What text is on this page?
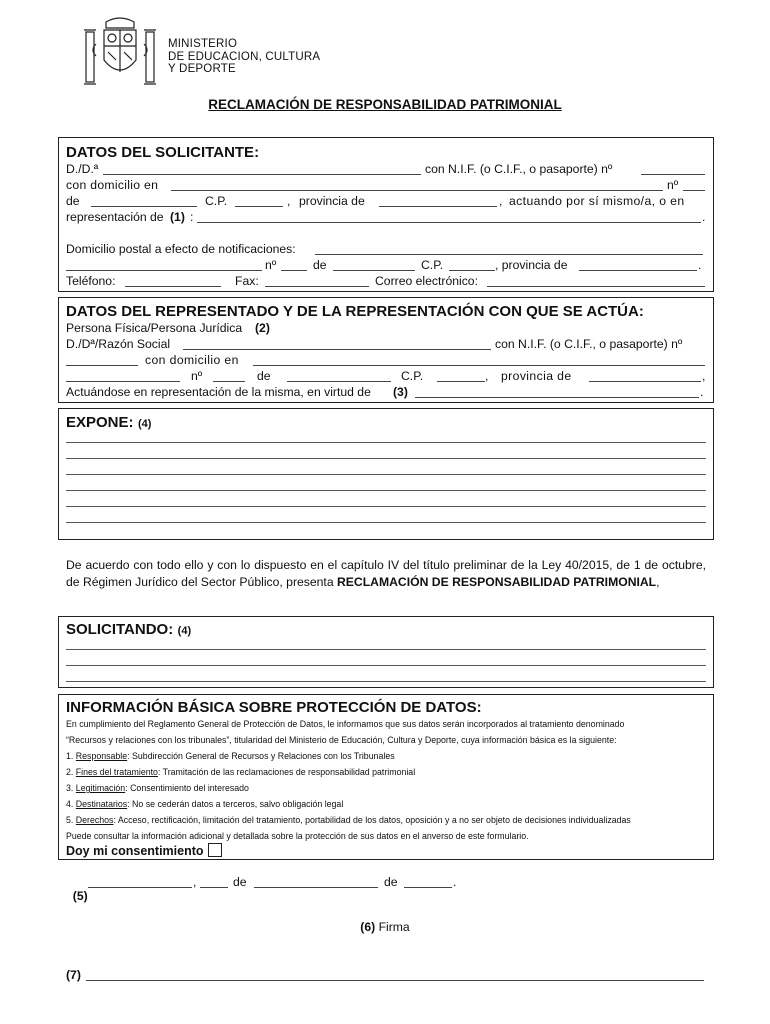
MINISTERIO
DE EDUCACION, CULTURA
Y DEPORTE
RECLAMACIÓN DE RESPONSABILIDAD PATRIMONIAL
DATOS DEL SOLICITANTE:
D./D.ª	con N.I.F. (o C.I.F., o pasaporte) nº
con domicilio en	nº
de	C.P.	, provincia de	, actuando por sí mismo/a, o en
representación de (1) :	.
Domicilio postal a efecto de notificaciones:
nº	de	C.P.	, provincia de	.
Teléfono:	Fax:	Correo electrónico:
DATOS DEL REPRESENTADO Y DE LA REPRESENTACIÓN CON QUE SE ACTÚA:
Persona Física/Persona Jurídica (2)
D./Dª/Razón Social	con N.I.F. (o C.I.F., o pasaporte) nº
con domicilio en
nº	de	C.P.	, provincia de	,
Actuándose en representación de la misma, en virtud de (3)	.
EXPONE: (4)
De acuerdo con todo ello y con lo dispuesto en el capítulo IV del título preliminar de la Ley 40/2015, de 1 de octubre, de Régimen Jurídico del Sector Público, presenta RECLAMACIÓN DE RESPONSABILIDAD PATRIMONIAL,
SOLICITANDO: (4)
INFORMACIÓN BÁSICA SOBRE PROTECCIÓN DE DATOS:
En cumplimiento del Reglamento General de Protección de Datos, le informamos que sus datos serán incorporados al tratamiento denominado
“Recursos y relaciones con los tribunales”, titularidad del Ministerio de Educación, Cultura y Deporte, cuya información básica es la siguiente:
1. Responsable: Subdirección General de Recursos y Relaciones con los Tribunales
2. Fines del tratamiento: Tramitación de las reclamaciones de responsabilidad patrimonial
3. Legitimación: Consentimiento del interesado
4. Destinatarios: No se cederán datos a terceros, salvo obligación legal
5. Derechos: Acceso, rectificación, limitación del tratamiento, portabilidad de los datos, oposición y a no ser objeto de decisiones individualizadas
Puede consultar la información adicional y detallada sobre la protección de sus datos en el anverso de este formulario.
Doy mi consentimiento

(5)

,	de	de	.
(6) Firma
(7)
